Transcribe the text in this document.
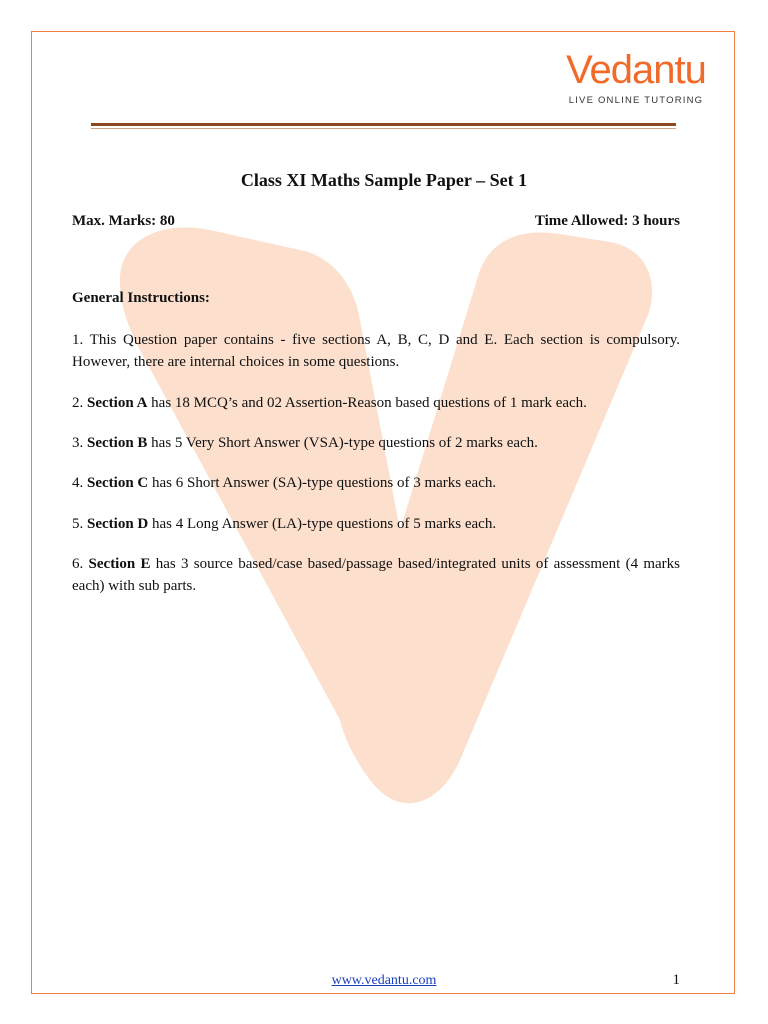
Vedantu
LIVE ONLINE TUTORING
Class XI Maths Sample Paper – Set 1
Max. Marks: 80	Time Allowed: 3 hours
General Instructions:
1. This Question paper contains - five sections A, B, C, D and E. Each section is compulsory. However, there are internal choices in some questions.
2. Section A has 18 MCQ’s and 02 Assertion-Reason based questions of 1 mark each.
3. Section B has 5 Very Short Answer (VSA)-type questions of 2 marks each.
4. Section C has 6 Short Answer (SA)-type questions of 3 marks each.
5. Section D has 4 Long Answer (LA)-type questions of 5 marks each.
6. Section E has 3 source based/case based/passage based/integrated units of assessment (4 marks each) with sub parts.
www.vedantu.com	1
